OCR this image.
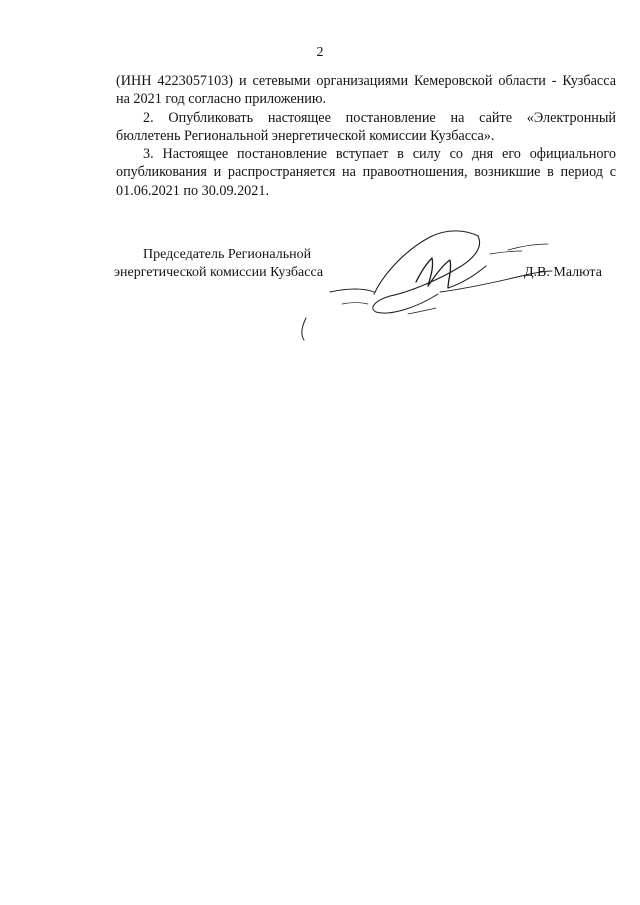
2

(ИНН 4223057103) и сетевыми организациями Кемеровской области - Кузбасса
на 2021 год согласно приложению.

2. Опубликовать настоящее постановление на сайте «Электронный
бюллетень Региональной энергетической комиссии Кузбасса».

3. Настоящее постановление вступает в силу со дня его официального
опубликования и распространяется на правоотношения, возникшие в период с
01.06.2021 по 30.09.2021.

Председатель Региональной
энергетической комиссии Кузбасса	Д.В. Малюта
